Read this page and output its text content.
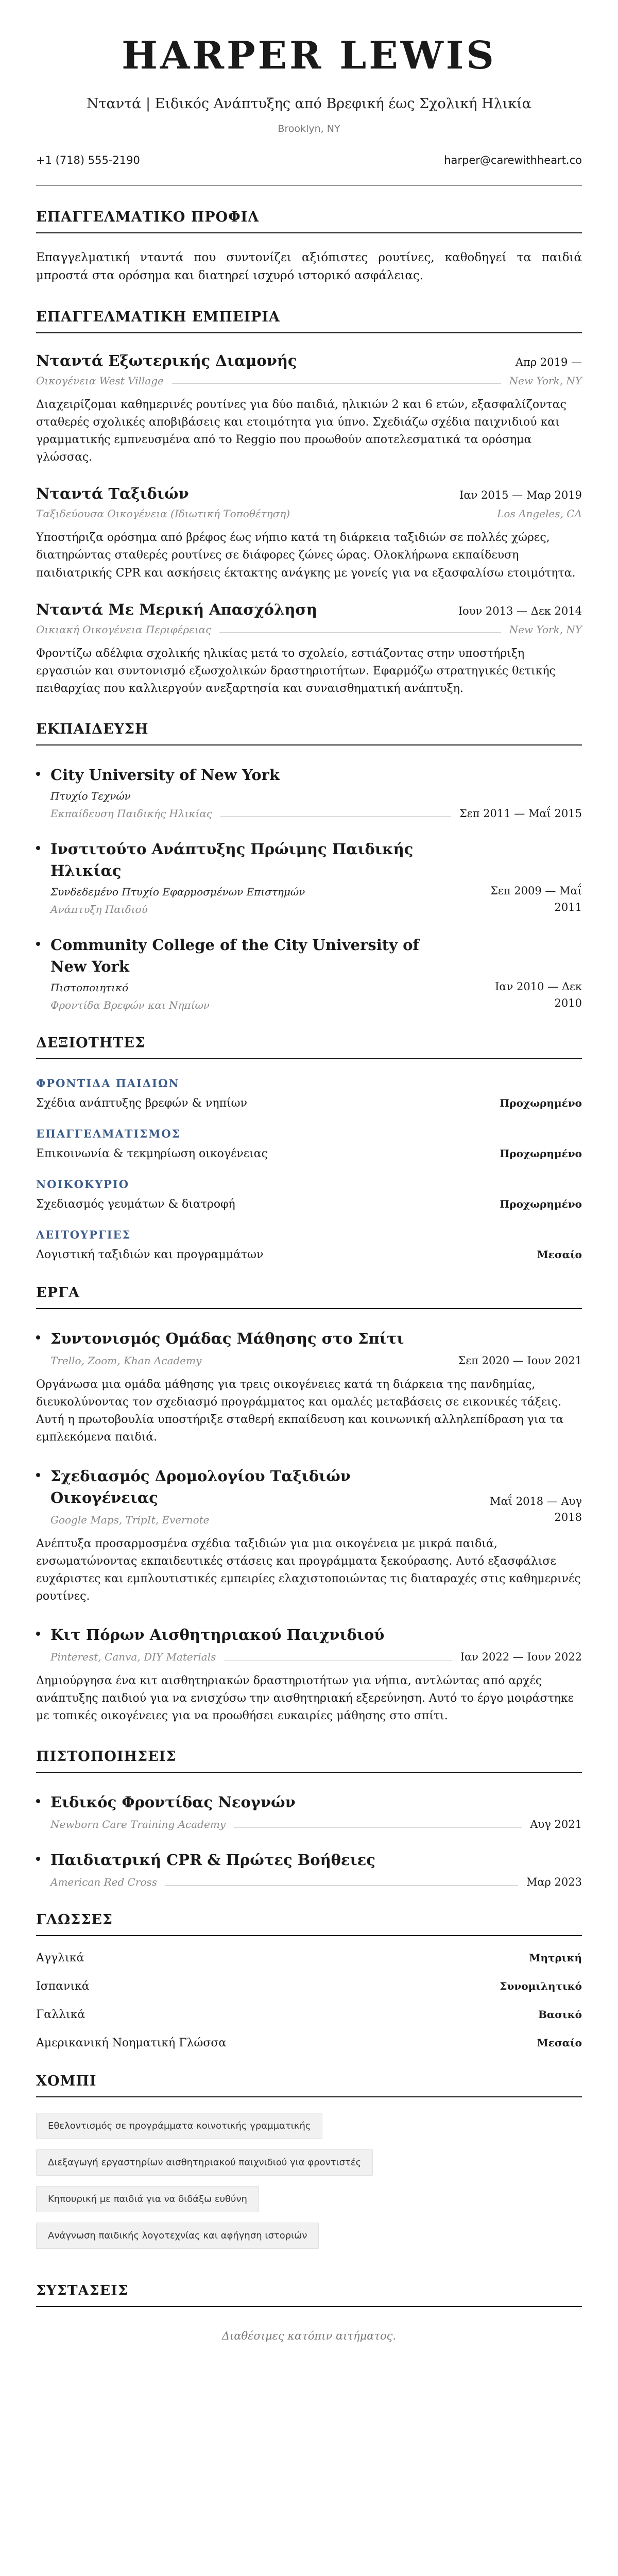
HARPER LEWIS
Νταντά | Ειδικός Ανάπτυξης από Βρεφική έως Σχολική Ηλικία
Brooklyn, NY
+1 (718) 555-2190	harper@carewithheart.co
ΕΠΑΓΓΕΛΜΑΤΙΚΟ ΠΡΟΦΙΛ
Επαγγελματική νταντά που συντονίζει αξιόπιστες ρουτίνες, καθοδηγεί τα παιδιά μπροστά στα ορόσημα και διατηρεί ισχυρό ιστορικό ασφάλειας.
ΕΠΑΓΓΕΛΜΑΤΙΚΗ ΕΜΠΕΙΡΙΑ
Νταντά Εξωτερικής Διαμονής	Απρ 2019 —
Οικογένεια West Village	New York, NY
Διαχειρίζομαι καθημερινές ρουτίνες για δύο παιδιά, ηλικιών 2 και 6 ετών, εξασφαλίζοντας σταθερές σχολικές αποβιβάσεις και ετοιμότητα για ύπνο. Σχεδιάζω σχέδια παιχνιδιού και γραμματικής εμπνευσμένα από το Reggio που προωθούν αποτελεσματικά τα ορόσημα γλώσσας.
Νταντά Ταξιδιών	Ιαν 2015 — Μαρ 2019
Ταξιδεύουσα Οικογένεια (Ιδιωτική Τοποθέτηση)	Los Angeles, CA
Υποστήριζα ορόσημα από βρέφος έως νήπιο κατά τη διάρκεια ταξιδιών σε πολλές χώρες, διατηρώντας σταθερές ρουτίνες σε διάφορες ζώνες ώρας. Ολοκλήρωνα εκπαίδευση παιδιατρικής CPR και ασκήσεις έκτακτης ανάγκης με γονείς για να εξασφαλίσω ετοιμότητα.
Νταντά Με Μερική Απασχόληση	Ιουν 2013 — Δεκ 2014
Οικιακή Οικογένεια Περιφέρειας	New York, NY
Φροντίζω αδέλφια σχολικής ηλικίας μετά το σχολείο, εστιάζοντας στην υποστήριξη εργασιών και συντονισμό εξωσχολικών δραστηριοτήτων. Εφαρμόζω στρατηγικές θετικής πειθαρχίας που καλλιεργούν ανεξαρτησία και συναισθηματική ανάπτυξη.
ΕΚΠΑΙΔΕΥΣΗ
City University of New York
Πτυχίο Τεχνών
Εκπαίδευση Παιδικής Ηλικίας	Σεπ 2011 — Μαΐ 2015
Ινστιτούτο Ανάπτυξης Πρώιμης Παιδικής Ηλικίας
Συνδεδεμένο Πτυχίο Εφαρμοσμένων Επιστημών
Ανάπτυξη Παιδιού
Σεπ 2009 — Μαΐ 2011
Community College of the City University of New York
Πιστοποιητικό
Φροντίδα Βρεφών και Νηπίων
Ιαν 2010 — Δεκ 2010
ΔΕΞΙΟΤΗΤΕΣ
ΦΡΟΝΤΙΔΑ ΠΑΙΔΙΩΝ
Σχέδια ανάπτυξης βρεφών & νηπίων	Προχωρημένο
ΕΠΑΓΓΕΛΜΑΤΙΣΜΟΣ
Επικοινωνία & τεκμηρίωση οικογένειας	Προχωρημένο
ΝΟΙΚΟΚΥΡΙΟ
Σχεδιασμός γευμάτων & διατροφή	Προχωρημένο
ΛΕΙΤΟΥΡΓΙΕΣ
Λογιστική ταξιδιών και προγραμμάτων	Μεσαίο
ΕΡΓΑ
Συντονισμός Ομάδας Μάθησης στο Σπίτι
Trello, Zoom, Khan Academy	Σεπ 2020 — Ιουν 2021
Οργάνωσα μια ομάδα μάθησης για τρεις οικογένειες κατά τη διάρκεια της πανδημίας, διευκολύνοντας τον σχεδιασμό προγράμματος και ομαλές μεταβάσεις σε εικονικές τάξεις. Αυτή η πρωτοβουλία υποστήριξε σταθερή εκπαίδευση και κοινωνική αλληλεπίδραση για τα εμπλεκόμενα παιδιά.
Σχεδιασμός Δρομολογίου Ταξιδιών Οικογένειας
Google Maps, TripIt, Evernote
Μαΐ 2018 — Αυγ 2018
Ανέπτυξα προσαρμοσμένα σχέδια ταξιδιών για μια οικογένεια με μικρά παιδιά, ενσωματώνοντας εκπαιδευτικές στάσεις και προγράμματα ξεκούρασης. Αυτό εξασφάλισε ευχάριστες και εμπλουτιστικές εμπειρίες ελαχιστοποιώντας τις διαταραχές στις καθημερινές ρουτίνες.
Κιτ Πόρων Αισθητηριακού Παιχνιδιού
Pinterest, Canva, DIY Materials	Ιαν 2022 — Ιουν 2022
Δημιούργησα ένα κιτ αισθητηριακών δραστηριοτήτων για νήπια, αντλώντας από αρχές ανάπτυξης παιδιού για να ενισχύσω την αισθητηριακή εξερεύνηση. Αυτό το έργο μοιράστηκε με τοπικές οικογένειες για να προωθήσει ευκαιρίες μάθησης στο σπίτι.
ΠΙΣΤΟΠΟΙΗΣΕΙΣ
Ειδικός Φροντίδας Νεογνών
Newborn Care Training Academy	Αυγ 2021
Παιδιατρική CPR & Πρώτες Βοήθειες
American Red Cross	Μαρ 2023
ΓΛΩΣΣΕΣ
Αγγλικά	Μητρική
Ισπανικά	Συνομιλητικό
Γαλλικά	Βασικό
Αμερικανική Νοηματική Γλώσσα	Μεσαίο
ΧΟΜΠΙ
Εθελοντισμός σε προγράμματα κοινοτικής γραμματικής
Διεξαγωγή εργαστηρίων αισθητηριακού παιχνιδιού για φροντιστές
Κηπουρική με παιδιά για να διδάξω ευθύνη
Ανάγνωση παιδικής λογοτεχνίας και αφήγηση ιστοριών
ΣΥΣΤΑΣΕΙΣ
Διαθέσιμες κατόπιν αιτήματος.
